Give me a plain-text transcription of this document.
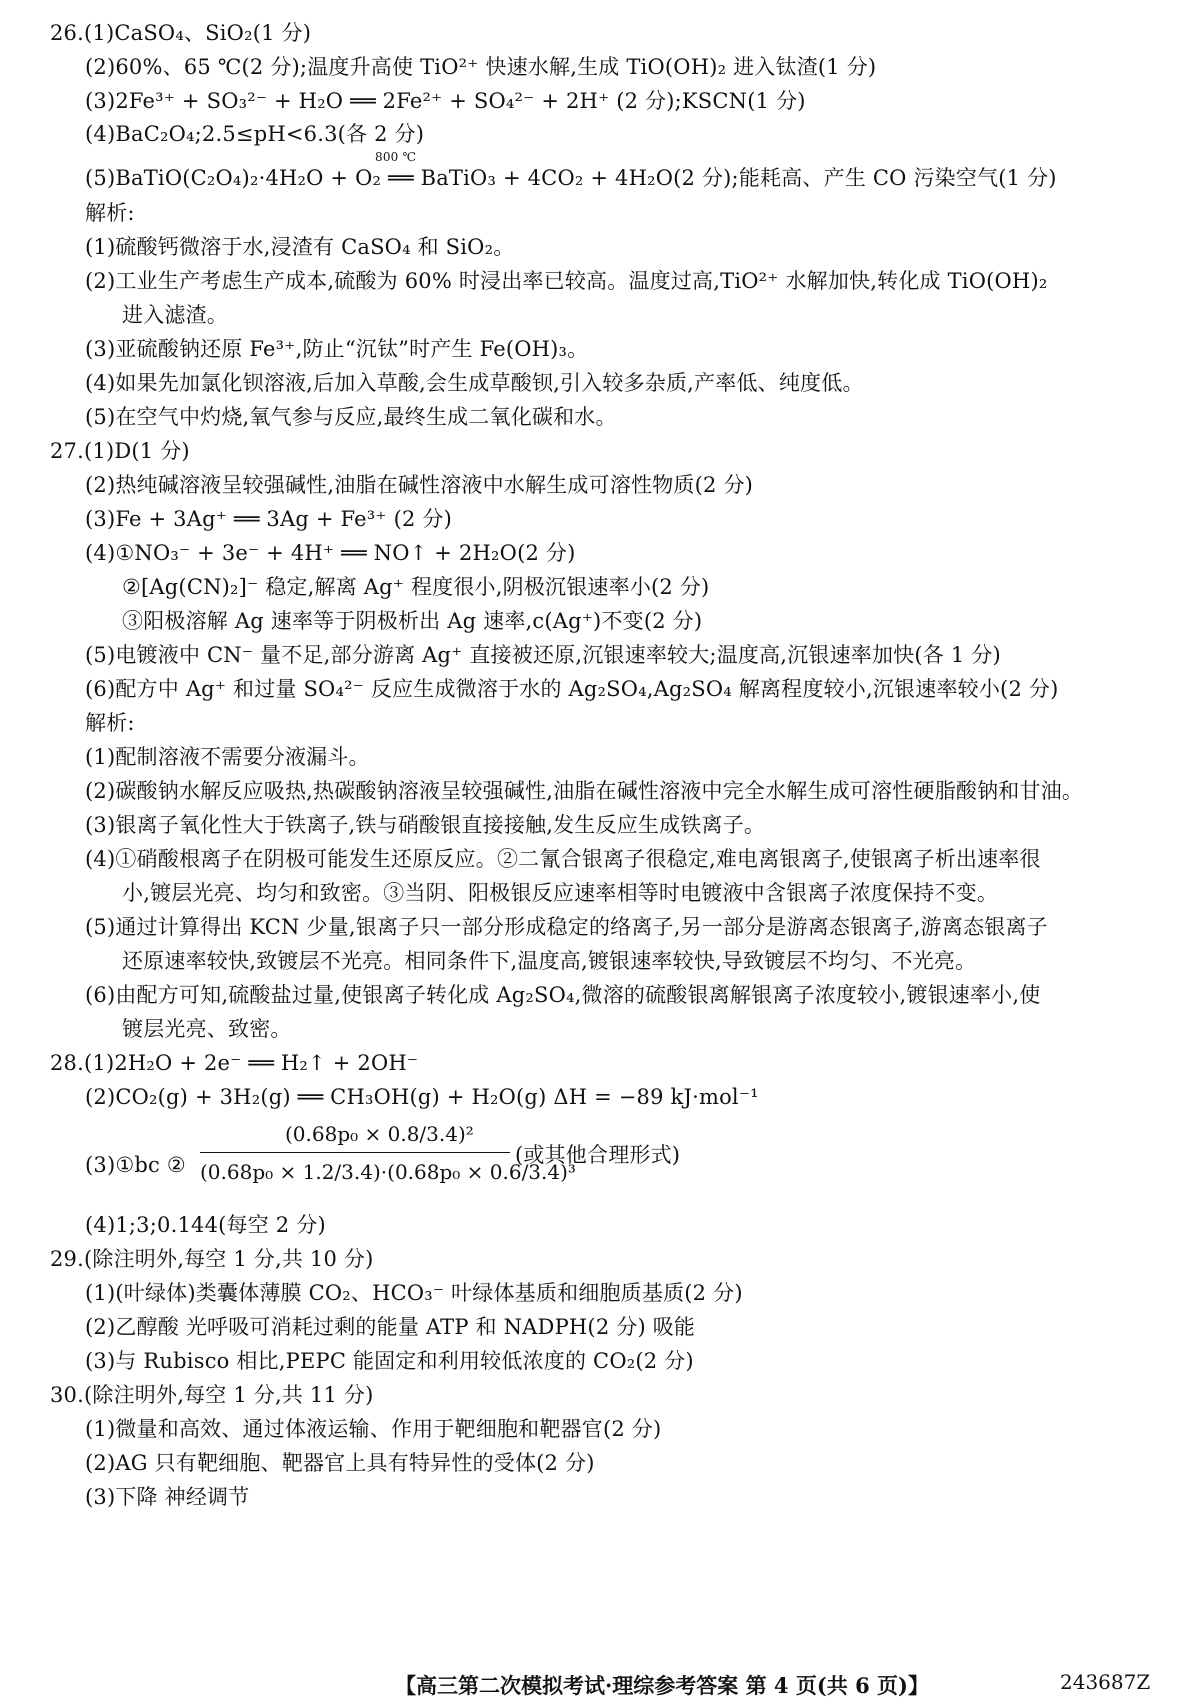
26.(1)CaSO₄、SiO₂(1 分)
(2)60%、65 ℃(2 分);温度升高使 TiO²⁺ 快速水解,生成 TiO(OH)₂ 进入钛渣(1 分)
(3)2Fe³⁺ + SO₃²⁻ + H₂O ══ 2Fe²⁺ + SO₄²⁻ + 2H⁺ (2 分);KSCN(1 分)
(4)BaC₂O₄;2.5≤pH<6.3(各 2 分)
800 ℃
(5)BaTiO(C₂O₄)₂·4H₂O + O₂ ══ BaTiO₃ + 4CO₂ + 4H₂O(2 分);能耗高、产生 CO 污染空气(1 分)
解析:
(1)硫酸钙微溶于水,浸渣有 CaSO₄ 和 SiO₂。
(2)工业生产考虑生产成本,硫酸为 60% 时浸出率已较高。温度过高,TiO²⁺ 水解加快,转化成 TiO(OH)₂
进入滤渣。
(3)亚硫酸钠还原 Fe³⁺,防止“沉钛”时产生 Fe(OH)₃。
(4)如果先加氯化钡溶液,后加入草酸,会生成草酸钡,引入较多杂质,产率低、纯度低。
(5)在空气中灼烧,氧气参与反应,最终生成二氧化碳和水。
27.(1)D(1 分)
(2)热纯碱溶液呈较强碱性,油脂在碱性溶液中水解生成可溶性物质(2 分)
(3)Fe + 3Ag⁺ ══ 3Ag + Fe³⁺ (2 分)
(4)①NO₃⁻ + 3e⁻ + 4H⁺ ══ NO↑ + 2H₂O(2 分)
②[Ag(CN)₂]⁻ 稳定,解离 Ag⁺ 程度很小,阴极沉银速率小(2 分)
③阳极溶解 Ag 速率等于阴极析出 Ag 速率,c(Ag⁺)不变(2 分)
(5)电镀液中 CN⁻ 量不足,部分游离 Ag⁺ 直接被还原,沉银速率较大;温度高,沉银速率加快(各 1 分)
(6)配方中 Ag⁺ 和过量 SO₄²⁻ 反应生成微溶于水的 Ag₂SO₄,Ag₂SO₄ 解离程度较小,沉银速率较小(2 分)
解析:
(1)配制溶液不需要分液漏斗。
(2)碳酸钠水解反应吸热,热碳酸钠溶液呈较强碱性,油脂在碱性溶液中完全水解生成可溶性硬脂酸钠和甘油。
(3)银离子氧化性大于铁离子,铁与硝酸银直接接触,发生反应生成铁离子。
(4)①硝酸根离子在阴极可能发生还原反应。②二氰合银离子很稳定,难电离银离子,使银离子析出速率很
小,镀层光亮、均匀和致密。③当阴、阳极银反应速率相等时电镀液中含银离子浓度保持不变。
(5)通过计算得出 KCN 少量,银离子只一部分形成稳定的络离子,另一部分是游离态银离子,游离态银离子
还原速率较快,致镀层不光亮。相同条件下,温度高,镀银速率较快,导致镀层不均匀、不光亮。
(6)由配方可知,硫酸盐过量,使银离子转化成 Ag₂SO₄,微溶的硫酸银离解银离子浓度较小,镀银速率小,使
镀层光亮、致密。
28.(1)2H₂O + 2e⁻ ══ H₂↑ + 2OH⁻
(2)CO₂(g) + 3H₂(g) ══ CH₃OH(g) + H₂O(g) ΔH = −89 kJ·mol⁻¹
(3)①bc ②
(0.68p₀ × 0.8/3.4)²
(0.68p₀ × 1.2/3.4)·(0.68p₀ × 0.6/3.4)³
(或其他合理形式)
(4)1;3;0.144(每空 2 分)
29.(除注明外,每空 1 分,共 10 分)
(1)(叶绿体)类囊体薄膜 CO₂、HCO₃⁻ 叶绿体基质和细胞质基质(2 分)
(2)乙醇酸 光呼吸可消耗过剩的能量 ATP 和 NADPH(2 分) 吸能
(3)与 Rubisco 相比,PEPC 能固定和利用较低浓度的 CO₂(2 分)
30.(除注明外,每空 1 分,共 11 分)
(1)微量和高效、通过体液运输、作用于靶细胞和靶器官(2 分)
(2)AG 只有靶细胞、靶器官上具有特异性的受体(2 分)
(3)下降 神经调节
【高三第二次模拟考试·理综参考答案 第 4 页(共 6 页)】	243687Z
